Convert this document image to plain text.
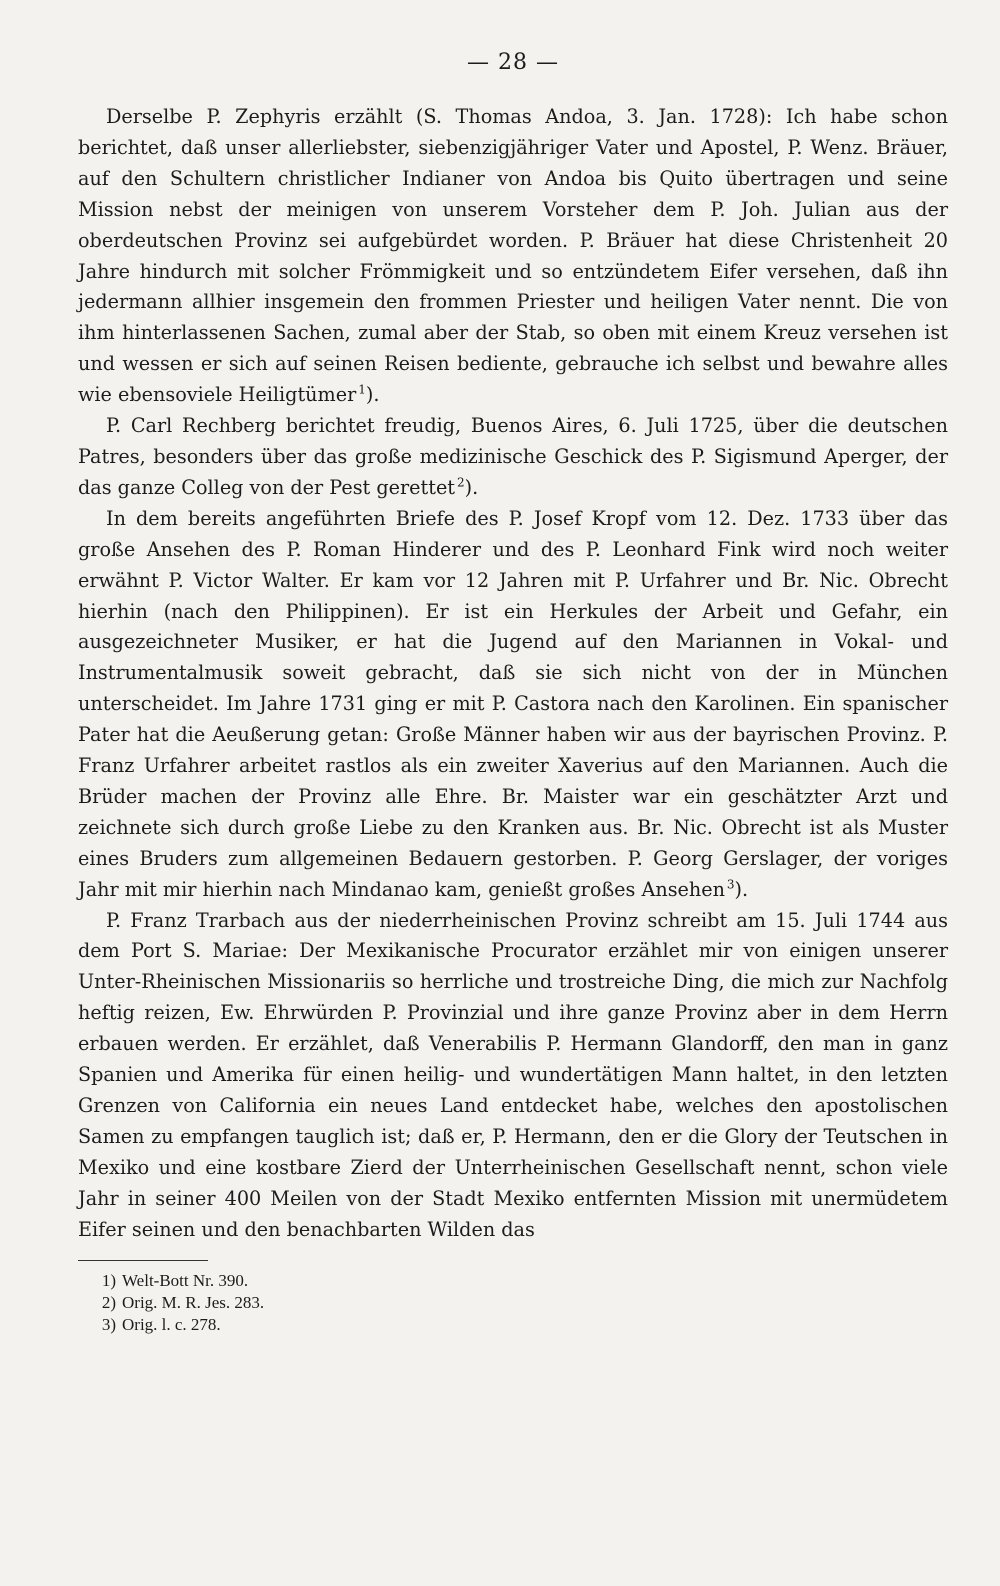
— 28 —

Derselbe P. Zephyris erzählt (S. Thomas Andoa, 3. Jan. 1728): Ich habe schon berichtet, daß unser allerliebster, siebenzigjähriger Vater und Apostel, P. Wenz. Bräuer, auf den Schultern christlicher Indianer von Andoa bis Quito übertragen und seine Mission nebst der meinigen von unserem Vorsteher dem P. Joh. Julian aus der oberdeutschen Provinz sei aufgebürdet worden. P. Bräuer hat diese Christenheit 20 Jahre hindurch mit solcher Frömmigkeit und so entzündetem Eifer versehen, daß ihn jedermann allhier insgemein den frommen Priester und heiligen Vater nennt. Die von ihm hinterlassenen Sachen, zumal aber der Stab, so oben mit einem Kreuz versehen ist und wessen er sich auf seinen Reisen bediente, gebrauche ich selbst und bewahre alles wie ebensoviele Heiligtümer  $^1$).

P. Carl Rechberg berichtet freudig, Buenos Aires, 6. Juli 1725, über die deutschen Patres, besonders über das große medizinische Geschick des P. Sigismund Aperger, der das ganze Colleg von der Pest gerettet  $^2$).

In dem bereits angeführten Briefe des P. Josef Kropf vom 12. Dez. 1733 über das große Ansehen des P. Roman Hinderer und des P. Leonhard Fink wird noch weiter erwähnt P. Victor Walter. Er kam vor 12 Jahren mit P. Urfahrer und Br. Nic. Obrecht hierhin (nach den Philippinen). Er ist ein Herkules der Arbeit und Gefahr, ein ausgezeichneter Musiker, er hat die Jugend auf den Mariannen in Vokal- und Instrumentalmusik soweit gebracht, daß sie sich nicht von der in München unterscheidet. Im Jahre 1731 ging er mit P. Castora nach den Karolinen. Ein spanischer Pater hat die Aeußerung getan: Große Männer haben wir aus der bayrischen Provinz. P. Franz Urfahrer arbeitet rastlos als ein zweiter Xaverius auf den Mariannen. Auch die Brüder machen der Provinz alle Ehre. Br. Maister war ein geschätzter Arzt und zeichnete sich durch große Liebe zu den Kranken aus. Br. Nic. Obrecht ist als Muster eines Bruders zum allgemeinen Bedauern gestorben. P. Georg Gerslager, der voriges Jahr mit mir hierhin nach Mindanao kam, genießt großes Ansehen  $^3$).

P. Franz Trarbach aus der niederrheinischen Provinz schreibt am 15. Juli 1744 aus dem Port S. Mariae: Der Mexikanische Procurator erzählet mir von einigen unserer Unter-Rheinischen Missionariis so herrliche und trostreiche Ding, die mich zur Nachfolg heftig reizen, Ew. Ehrwürden P. Provinzial und ihre ganze Provinz aber in dem Herrn erbauen werden. Er erzählet, daß Venerabilis P. Hermann Glandorff, den man in ganz Spanien und Amerika für einen heilig- und wundertätigen Mann haltet, in den letzten Grenzen von California ein neues Land entdecket habe, welches den apostolischen Samen zu empfangen tauglich ist; daß er, P. Hermann, den er die Glory der Teutschen in Mexiko und eine kostbare Zierd der Unterrheinischen Gesellschaft nennt, schon viele Jahr in seiner 400 Meilen von der Stadt Mexiko entfernten Mission mit unermüdetem Eifer seinen und den benachbarten Wilden das

1) Welt-Bott Nr. 390.
2) Orig. M. R. Jes. 283.
3) Orig. l. c. 278.
